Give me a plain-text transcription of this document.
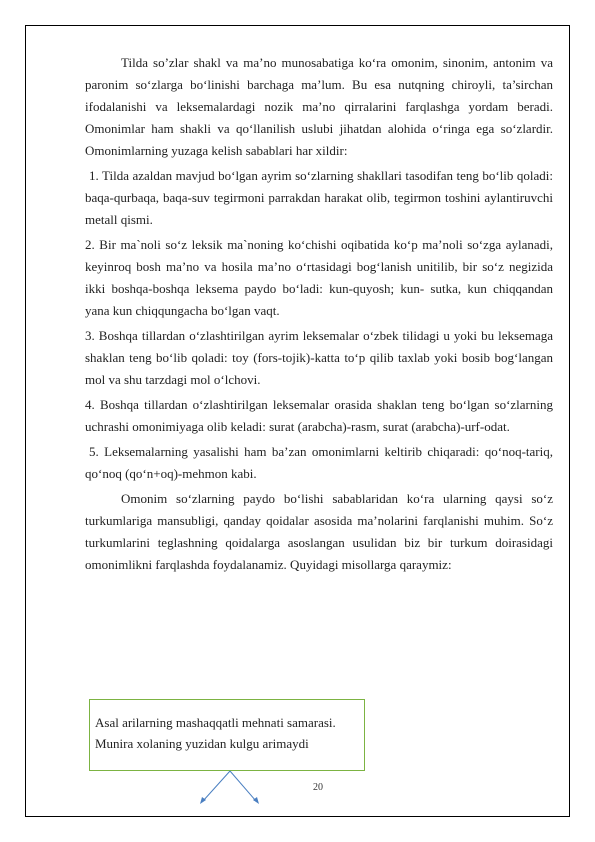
Tilda so’zlar shakl va ma’no munosabatiga ko‘ra omonim, sinonim, antonim va paronim so‘zlarga bo‘linishi barchaga ma’lum. Bu esa nutqning chiroyli, ta’sirchan ifodalanishi va leksemalardagi nozik ma’no qirralarini farqlashga yordam beradi. Omonimlar ham shakli va qo‘llanilish uslubi jihatdan alohida o‘ringa ega so‘zlardir. Omonimlarning yuzaga kelish sabablari har xildir:

1. Tilda azaldan mavjud bo‘lgan ayrim so‘zlarning shakllari tasodifan teng bo‘lib qoladi: baqa-qurbaqa, baqa-suv tegirmoni parrakdan harakat olib, tegirmon toshini aylantiruvchi metall qismi.

2. Bir ma`noli so‘z leksik ma`noning ko‘chishi oqibatida ko‘p ma’noli so‘zga aylanadi, keyinroq bosh ma’no va hosila ma’no o‘rtasidagi bog‘lanish unitilib, bir so‘z negizida ikki boshqa-boshqa leksema paydo bo‘ladi: kun-quyosh; kun- sutka, kun chiqqandan yana kun chiqqungacha bo‘lgan vaqt.

3. Boshqa tillardan o‘zlashtirilgan ayrim leksemalar o‘zbek tilidagi u yoki bu leksemaga shaklan teng bo‘lib qoladi: toy (fors-tojik)-katta to‘p qilib taxlab yoki bosib bog‘langan mol va shu tarzdagi mol o‘lchovi.

4. Boshqa tillardan o‘zlashtirilgan leksemalar orasida shaklan teng bo‘lgan so‘zlarning uchrashi omonimiyaga olib keladi: surat (arabcha)-rasm, surat (arabcha)-urf-odat.

5. Leksemalarning yasalishi ham ba’zan omonimlarni keltirib chiqaradi: qo‘noq-tariq, qo‘noq (qo‘n+oq)-mehmon kabi.

Omonim so‘zlarning paydo bo‘lishi sabablaridan ko‘ra ularning qaysi so‘z turkumlariga mansubligi, qanday qoidalar asosida ma’nolarini farqlanishi muhim. So‘z turkumlarini teglashning qoidalarga asoslangan usulidan biz bir turkum doirasidagi omonimlikni farqlashda foydalanamiz. Quyidagi misollarga qaraymiz:

Asal arilarning mashaqqatli mehnati samarasi.

Munira xolaning yuzidan kulgu arimaydi

20
